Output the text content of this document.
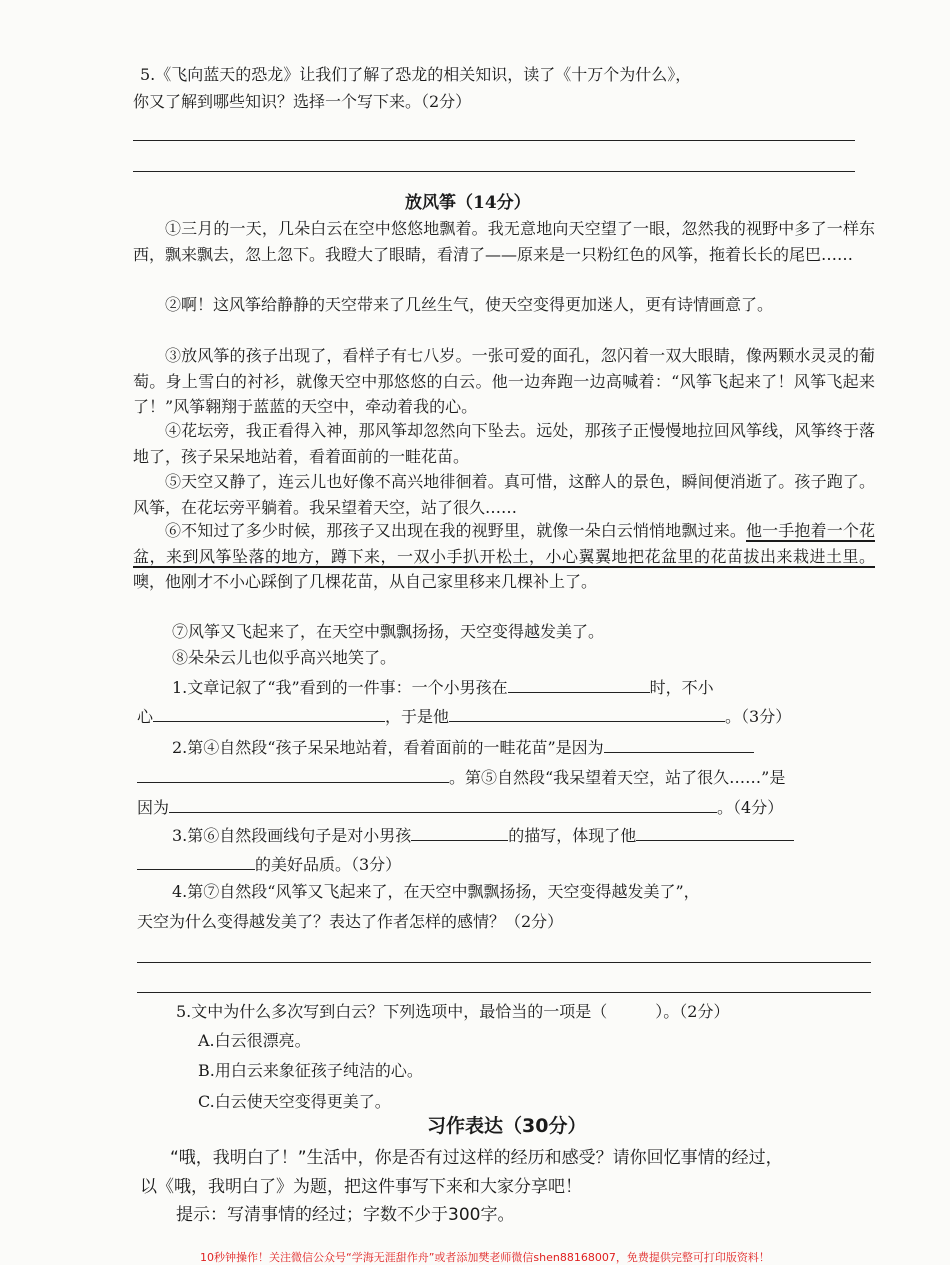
5.《飞向蓝天的恐龙》让我们了解了恐龙的相关知识，读了《十万个为什么》，
你又了解到哪些知识？选择一个写下来。（2分）
放风筝（14分）
①三月的一天，几朵白云在空中悠悠地飘着。我无意地向天空望了一眼，忽然我的视野中多了一样东西，飘来飘去，忽上忽下。我瞪大了眼睛，看清了——原来是一只粉红色的风筝，拖着长长的尾巴……
②啊！这风筝给静静的天空带来了几丝生气，使天空变得更加迷人，更有诗情画意了。
③放风筝的孩子出现了，看样子有七八岁。一张可爱的面孔，忽闪着一双大眼睛，像两颗水灵灵的葡萄。身上雪白的衬衫，就像天空中那悠悠的白云。他一边奔跑一边高喊着：“风筝飞起来了！风筝飞起来了！”风筝翱翔于蓝蓝的天空中，牵动着我的心。
④花坛旁，我正看得入神，那风筝却忽然向下坠去。远处，那孩子正慢慢地拉回风筝线，风筝终于落地了，孩子呆呆地站着，看着面前的一畦花苗。
⑤天空又静了，连云儿也好像不高兴地徘徊着。真可惜，这醉人的景色，瞬间便消逝了。孩子跑了。风筝，在花坛旁平躺着。我呆望着天空，站了很久……
⑥不知过了多少时候，那孩子又出现在我的视野里，就像一朵白云悄悄地飘过来。他一手抱着一个花盆，来到风筝坠落的地方，蹲下来，一双小手扒开松土，小心翼翼地把花盆里的花苗拔出来栽进土里。噢，他刚才不小心踩倒了几棵花苗，从自己家里移来几棵补上了。
⑦风筝又飞起来了，在天空中飘飘扬扬，天空变得越发美了。
⑧朵朵云儿也似乎高兴地笑了。
1.文章记叙了“我”看到的一件事：一个小男孩在	时，不小
心	，于是他	。（3分）
2.第④自然段“孩子呆呆地站着，看着面前的一畦花苗”是因为
。第⑤自然段“我呆望着天空，站了很久……”是
因为	。（4分）
3.第⑥自然段画线句子是对小男孩	的描写，体现了他
的美好品质。（3分）
4.第⑦自然段“风筝又飞起来了，在天空中飘飘扬扬，天空变得越发美了”，
天空为什么变得越发美了？表达了作者怎样的感情？（2分）
5.文中为什么多次写到白云？下列选项中，最恰当的一项是（　　　）。（2分）
A.白云很漂亮。
B.用白云来象征孩子纯洁的心。
C.白云使天空变得更美了。
习作表达（30分）
“哦，我明白了！”生活中，你是否有过这样的经历和感受？请你回忆事情的经过，
以《哦，我明白了》为题，把这件事写下来和大家分享吧！
提示：写清事情的经过；字数不少于300字。
10秒钟操作！关注微信公众号“学海无涯甜作舟”或者添加樊老师微信shen88168007，免费提供完整可打印版资料！
